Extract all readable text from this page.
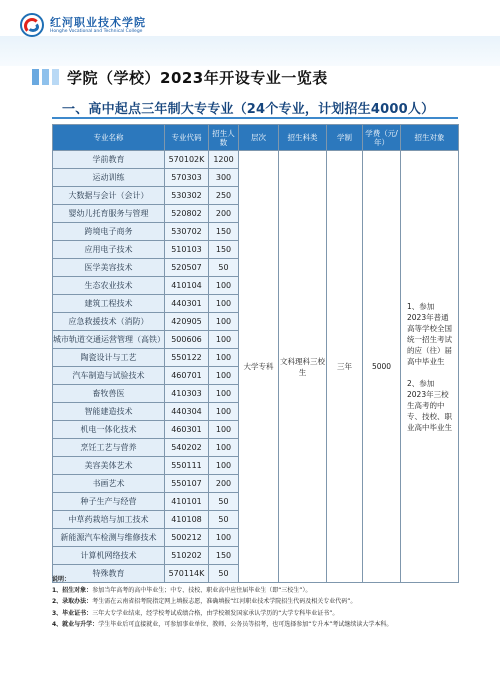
红河职业技术学院
Honghe Vocational and Technical College
学院（学校）2023年开设专业一览表
一、高中起点三年制大专专业（24个专业，计划招生4000人）
专业名称	专业代码	招生人数	层次	招生科类	学制	学费（元/年）	招生对象
学前教育	570102K	1200	大学专科	文科理科三校生	三年	5000	1、参加2023年普通高等学校全国统一招生考试的应（往）届高中毕业生
2、参加2023年三校生高考的中专、技校、职业高中毕业生

运动训练	570303	300					
大数据与会计（会计）	530302	250					
婴幼儿托育服务与管理	520802	200					
跨境电子商务	530702	150					
应用电子技术	510103	150					
医学美容技术	520507	50					
生态农业技术	410104	100					
建筑工程技术	440301	100					
应急救援技术（消防）	420905	100					
城市轨道交通运营管理（高铁）	500606	100					
陶瓷设计与工艺	550122	100					
汽车制造与试验技术	460701	100					
畜牧兽医	410303	100					
智能建造技术	440304	100					
机电一体化技术	460301	100					
烹饪工艺与营养	540202	100					
美容美体艺术	550111	100					
书画艺术	550107	200					
种子生产与经营	410101	50					
中草药栽培与加工技术	410108	50					
新能源汽车检测与维修技术	500212	100					
计算机网络技术	510202	150					
特殊教育	570114K	50					
说明：
1、招生对象：参加当年高考的高中毕业生；中专、技校、职业高中应往届毕业生（即“三校生”）。
2、录取办法：考生需在云南省招考院指定网上填报志愿，准确填报“红河职业技术学院招生代码及相关专业代码”。
3、毕业证书：三年大专学业结束，经学校考试成绩合格，由学校颁发国家承认学历的“大学专科毕业证书”。
4、就业与升学：学生毕业后可直接就业，可参加事业单位、教师、公务员等招考，也可选择参加“专升本”考试继续读大学本科。
